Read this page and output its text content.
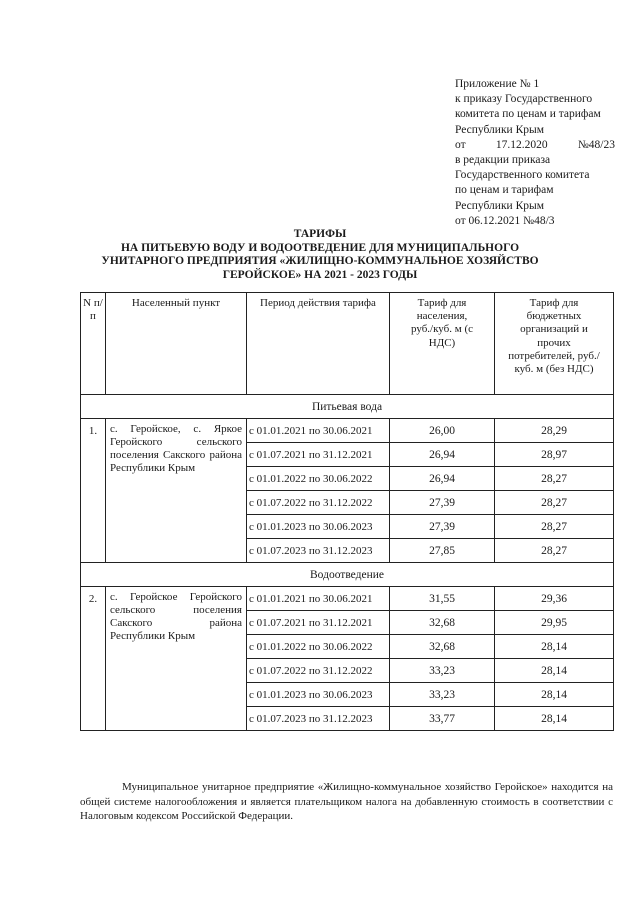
Приложение № 1
к приказу Государственного
комитета по ценам и тарифам
Республики Крым
от	17.12.2020	№48/23
в редакции приказа
Государственного комитета
по ценам и тарифам
Республики Крым
от 06.12.2021 №48/3
ТАРИФЫ
НА ПИТЬЕВУЮ ВОДУ И ВОДООТВЕДЕНИЕ ДЛЯ МУНИЦИПАЛЬНОГО
УНИТАРНОГО ПРЕДПРИЯТИЯ «ЖИЛИЩНО-КОММУНАЛЬНОЕ ХОЗЯЙСТВО
ГЕРОЙСКОЕ» НА 2021 - 2023 ГОДЫ
N п/п	Населенный пункт	Период действия тарифа	Тариф для населения, руб./куб. м (с НДС)	Тариф для бюджетных организаций и прочих потребителей, руб./куб. м (без НДС)
Питьевая вода				
1.	с. Геройское, с. Яркое Геройского сельского поселения Сакского района Республики Крым	с 01.01.2021 по 30.06.2021	26,00	28,29
		с 01.07.2021 по 31.12.2021	26,94	28,97
		с 01.01.2022 по 30.06.2022	26,94	28,27
		с 01.07.2022 по 31.12.2022	27,39	28,27
		с 01.01.2023 по 30.06.2023	27,39	28,27
		с 01.07.2023 по 31.12.2023	27,85	28,27
Водоотведение				
2.	с. Геройское Геройского сельского поселения Сакского района Республики Крым	с 01.01.2021 по 30.06.2021	31,55	29,36
		с 01.07.2021 по 31.12.2021	32,68	29,95
		с 01.01.2022 по 30.06.2022	32,68	28,14
		с 01.07.2022 по 31.12.2022	33,23	28,14
		с 01.01.2023 по 30.06.2023	33,23	28,14
		с 01.07.2023 по 31.12.2023	33,77	28,14
Муниципальное унитарное предприятие «Жилищно-коммунальное хозяйство Геройское» находится на общей системе налогообложения и является плательщиком налога на добавленную стоимость в соответствии с Налоговым кодексом Российской Федерации.
